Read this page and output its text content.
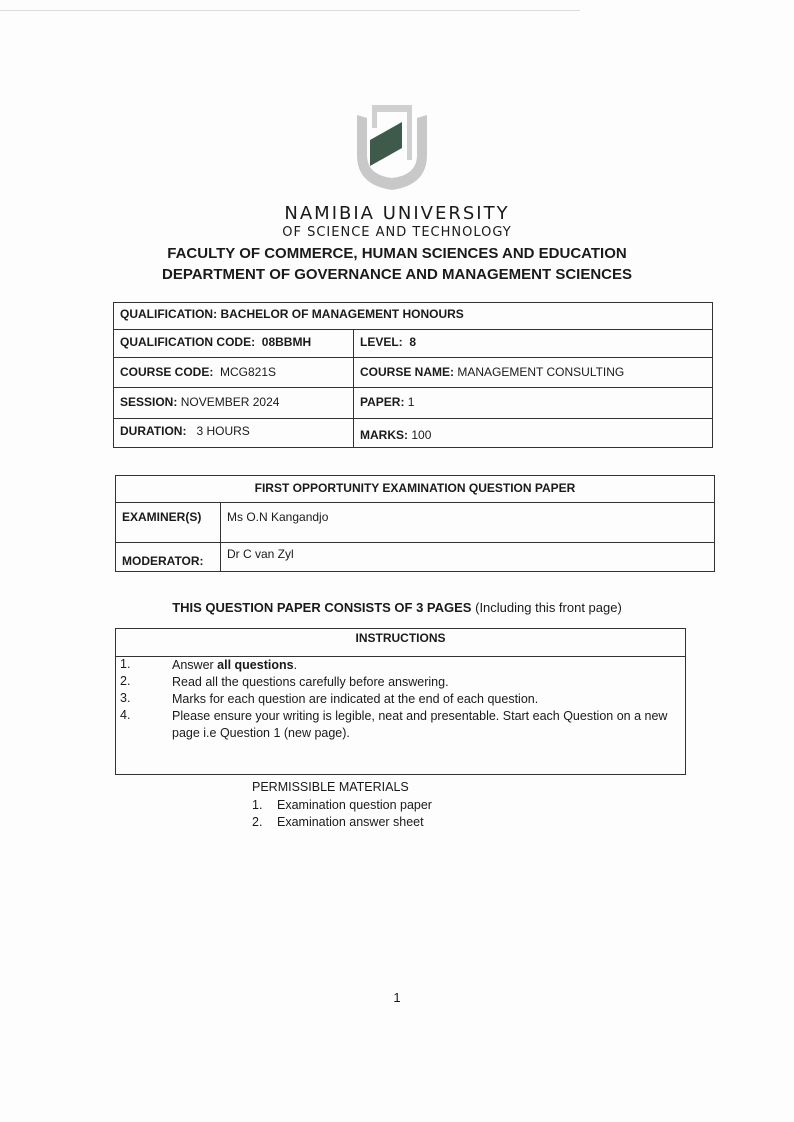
NAMIBIA UNIVERSITY
OF SCIENCE AND TECHNOLOGY
FACULTY OF COMMERCE, HUMAN SCIENCES AND EDUCATION
DEPARTMENT OF GOVERNANCE AND MANAGEMENT SCIENCES
QUALIFICATION: BACHELOR OF MANAGEMENT HONOURS	
QUALIFICATION CODE: 08BBMH	LEVEL: 8
COURSE CODE: MCG821S	COURSE NAME: MANAGEMENT CONSULTING
SESSION: NOVEMBER 2024	PAPER: 1
DURATION: 3 HOURS	MARKS: 100
FIRST OPPORTUNITY EXAMINATION QUESTION PAPER	
EXAMINER(S)	Ms O.N Kangandjo
MODERATOR:	Dr C van Zyl
THIS QUESTION PAPER CONSISTS OF 3 PAGES (Including this front page)
INSTRUCTIONS
1.	Answer all questions.
2.	Read all the questions carefully before answering.
3.	Marks for each question are indicated at the end of each question.
4.	Please ensure your writing is legible, neat and presentable. Start each Question on a new page i.e Question 1 (new page).
PERMISSIBLE MATERIALS
1. Examination question paper
2. Examination answer sheet
1
